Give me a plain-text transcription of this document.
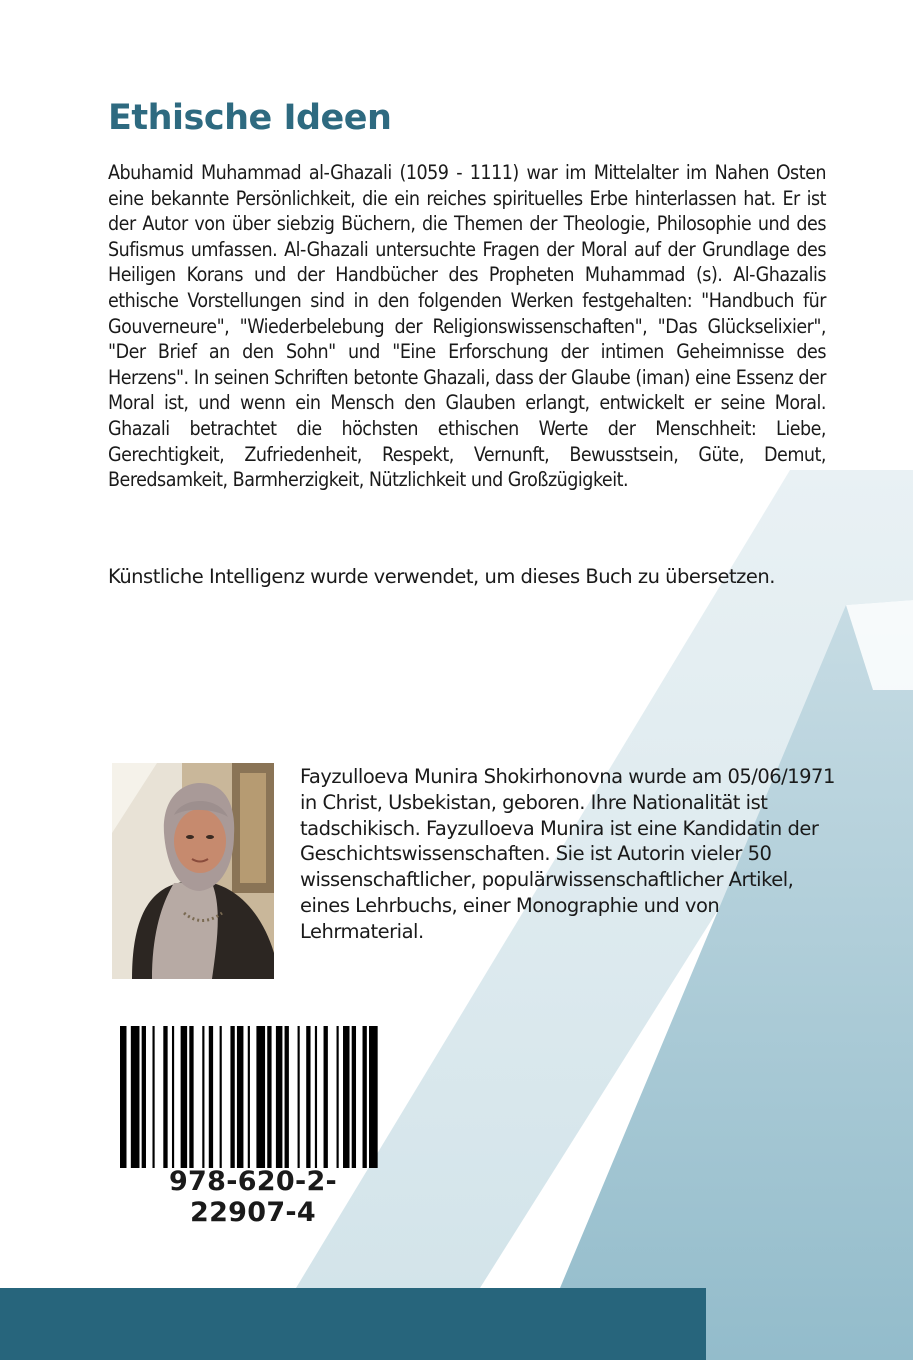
Ethische Ideen

Abuhamid Muhammad al-Ghazali (1059 - 1111) war im Mittelalter im Nahen Osten eine bekannte Persönlichkeit, die ein reiches spirituelles Erbe hinterlassen hat. Er ist der Autor von über siebzig Büchern, die Themen der Theologie, Philosophie und des Sufismus umfassen. Al-Ghazali untersuchte Fragen der Moral auf der Grundlage des Heiligen Korans und der Handbücher des Propheten Muhammad (s). Al-Ghazalis ethische Vorstellungen sind in den folgenden Werken festgehalten: "Handbuch für Gouverneure", "Wiederbelebung der Religionswissenschaften", "Das Glückselixier", "Der Brief an den Sohn" und "Eine Erforschung der intimen Geheimnisse des Herzens". In seinen Schriften betonte Ghazali, dass der Glaube (iman) eine Essenz der Moral ist, und wenn ein Mensch den Glauben erlangt, entwickelt er seine Moral. Ghazali betrachtet die höchsten ethischen Werte der Menschheit: Liebe, Gerechtigkeit, Zufriedenheit, Respekt, Vernunft, Bewusstsein, Güte, Demut, Beredsamkeit, Barmherzigkeit, Nützlichkeit und Großzügigkeit.

Künstliche Intelligenz wurde verwendet, um dieses Buch zu übersetzen.

Fayzulloeva Munira Shokirhonovna wurde am 05/06/1971 in Christ, Usbekistan, geboren. Ihre Nationalität ist tadschikisch. Fayzulloeva Munira ist eine Kandidatin der Geschichtswissenschaften. Sie ist Autorin vieler 50 wissenschaftlicher, populärwissenschaftlicher Artikel, eines Lehrbuchs, einer Monographie und von Lehrmaterial.

978-620-2-22907-4
